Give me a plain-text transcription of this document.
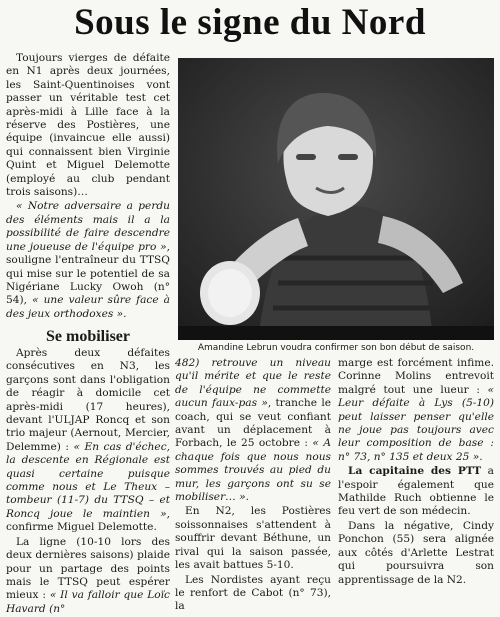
Sous le signe du Nord

Toujours vierges de défaite en N1 après deux journées, les Saint-Quentinoises vont passer un véritable test cet après-midi à Lille face à la réserve des Postières, une équipe (invaincue elle aussi) qui connaissent bien Virginie Quint et Miguel Delemotte (employé au club pendant trois saisons)…

« Notre adversaire a perdu des éléments mais il a la possibilité de faire descendre une joueuse de l'équipe pro », souligne l'entraîneur du TTSQ qui mise sur le potentiel de sa Nigériane Lucky Owoh (n° 54), « une valeur sûre face à des jeux orthodoxes ».

Se mobiliser

Après deux défaites consécutives en N3, les garçons sont dans l'obligation de réagir à domicile cet après-midi (17 heures), devant l'ULJAP Roncq et son trio majeur (Aernout, Mercier, Delemme) : « En cas d'échec, la descente en Régionale est quasi certaine puisque comme nous et Le Theux – tombeur (11-7) du TTSQ – et Roncq joue le maintien », confirme Miguel Delemotte.

La ligne (10-10 lors des deux dernières saisons) plaide pour un partage des points mais le TTSQ peut espérer mieux : « Il va falloir que Loïc Havard (n°

Amandine Lebrun voudra confirmer son bon début de saison.

482) retrouve un niveau qu'il mérite et que le reste de l'équipe ne commette aucun faux-pas », tranche le coach, qui se veut confiant avant un déplacement à Forbach, le 25 octobre : « A chaque fois que nous nous sommes trouvés au pied du mur, les garçons ont su se mobiliser… ».

En N2, les Postières soissonnaises s'attendent à souffrir devant Béthune, un rival qui la saison passée, les avait battues 5-10.

Les Nordistes ayant reçu le renfort de Cabot (n° 73), la

marge est forcément infime. Corinne Molins entrevoit malgré tout une lueur : « Leur défaite à Lys (5-10) peut laisser penser qu'elle ne joue pas toujours avec leur composition de base : n° 73, n° 135 et deux 25 ».

La capitaine des PTT a l'espoir également que Mathilde Ruch obtienne le feu vert de son médecin.

Dans la négative, Cindy Ponchon (55) sera alignée aux côtés d'Arlette Lestrat qui poursuivra son apprentissage de la N2.
